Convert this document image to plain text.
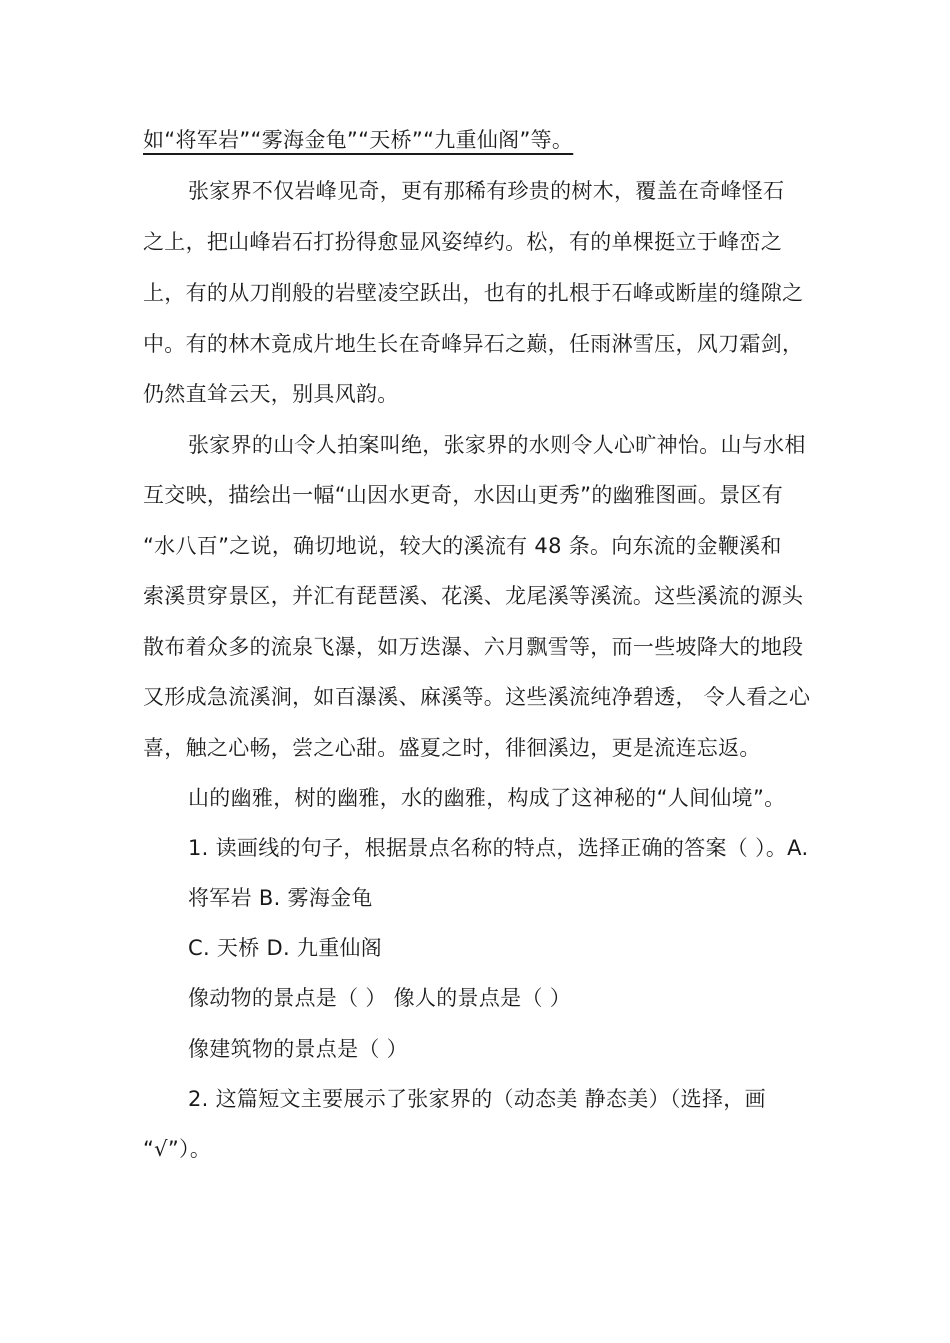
如“将军岩”“雾海金龟”“天桥”“九重仙阁”等。
张家界不仅岩峰见奇，更有那稀有珍贵的树木，覆盖在奇峰怪石
之上，把山峰岩石打扮得愈显风姿绰约。松，有的单棵挺立于峰峦之
上，有的从刀削般的岩壁凌空跃出，也有的扎根于石峰或断崖的缝隙之
中。有的林木竟成片地生长在奇峰异石之巅，任雨淋雪压，风刀霜剑，
仍然直耸云天，别具风韵。
张家界的山令人拍案叫绝，张家界的水则令人心旷神怡。山与水相
互交映，描绘出一幅“山因水更奇，水因山更秀”的幽雅图画。景区有
“水八百”之说，确切地说，较大的溪流有 48 条。向东流的金鞭溪和
索溪贯穿景区，并汇有琵琶溪、花溪、龙尾溪等溪流。这些溪流的源头
散布着众多的流泉飞瀑，如万迭瀑、六月飘雪等，而一些坡降大的地段
又形成急流溪涧，如百瀑溪、麻溪等。这些溪流纯净碧透， 令人看之心
喜，触之心畅，尝之心甜。盛夏之时，徘徊溪边，更是流连忘返。
山的幽雅，树的幽雅，水的幽雅，构成了这神秘的“人间仙境”。
1. 读画线的句子，根据景点名称的特点，选择正确的答案（ ）。A.
将军岩 B. 雾海金龟
C. 天桥 D. 九重仙阁
像动物的景点是（ ） 像人的景点是（ ）
像建筑物的景点是（ ）
2. 这篇短文主要展示了张家界的（动态美 静态美）（选择，画
“√”）。
